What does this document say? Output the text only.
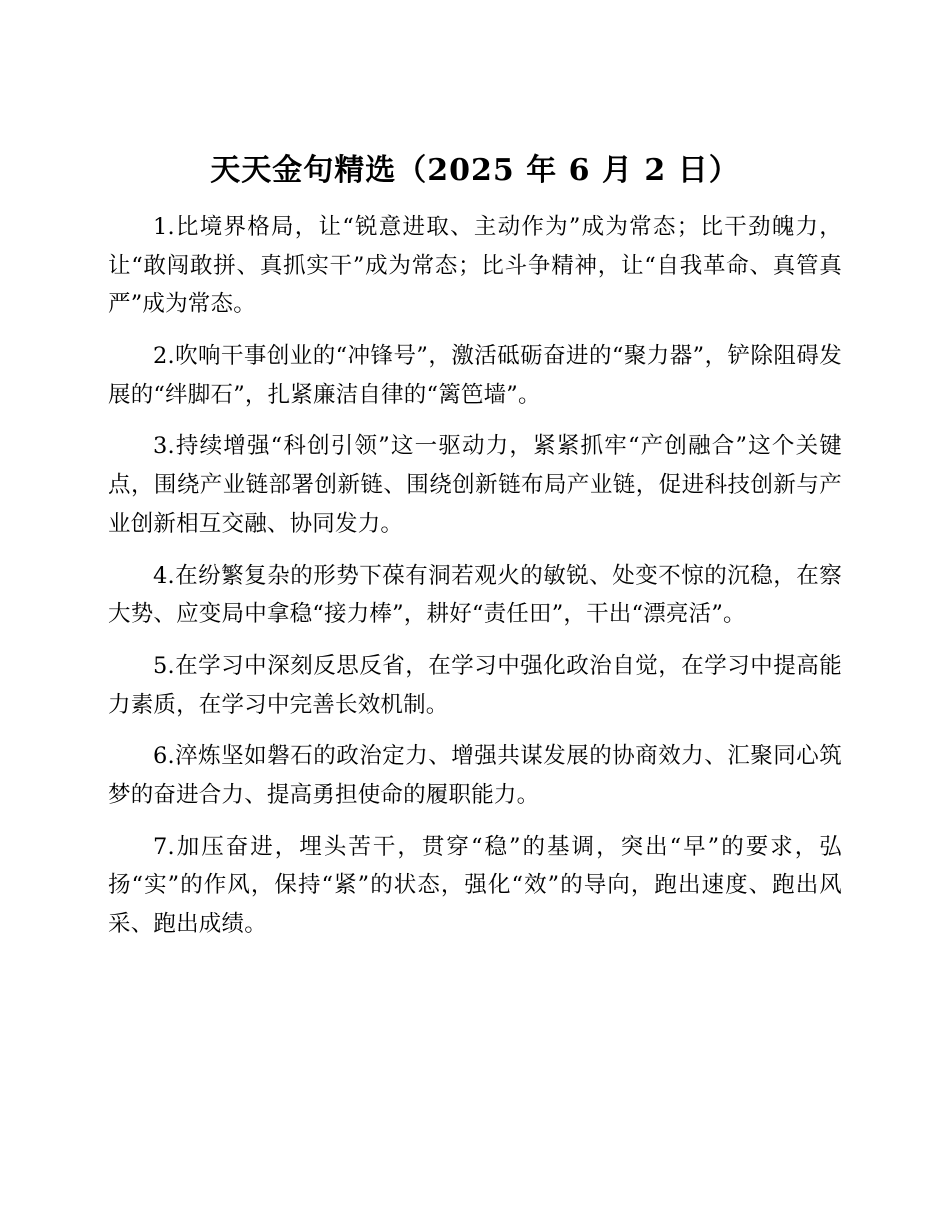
天天金句精选（2025 年 6 月 2 日）

1.比境界格局，让“锐意进取、主动作为”成为常态；比干劲魄力，让“敢闯敢拼、真抓实干”成为常态；比斗争精神，让“自我革命、真管真严”成为常态。

2.吹响干事创业的“冲锋号”，激活砥砺奋进的“聚力器”，铲除阻碍发展的“绊脚石”，扎紧廉洁自律的“篱笆墙”。

3.持续增强“科创引领”这一驱动力，紧紧抓牢“产创融合”这个关键点，围绕产业链部署创新链、围绕创新链布局产业链，促进科技创新与产业创新相互交融、协同发力。

4.在纷繁复杂的形势下葆有洞若观火的敏锐、处变不惊的沉稳，在察大势、应变局中拿稳“接力棒”，耕好“责任田”，干出“漂亮活”。

5.在学习中深刻反思反省，在学习中强化政治自觉，在学习中提高能力素质，在学习中完善长效机制。

6.淬炼坚如磐石的政治定力、增强共谋发展的协商效力、汇聚同心筑梦的奋进合力、提高勇担使命的履职能力。

7.加压奋进，埋头苦干，贯穿“稳”的基调，突出“早”的要求，弘扬“实”的作风，保持“紧”的状态，强化“效”的导向，跑出速度、跑出风采、跑出成绩。
